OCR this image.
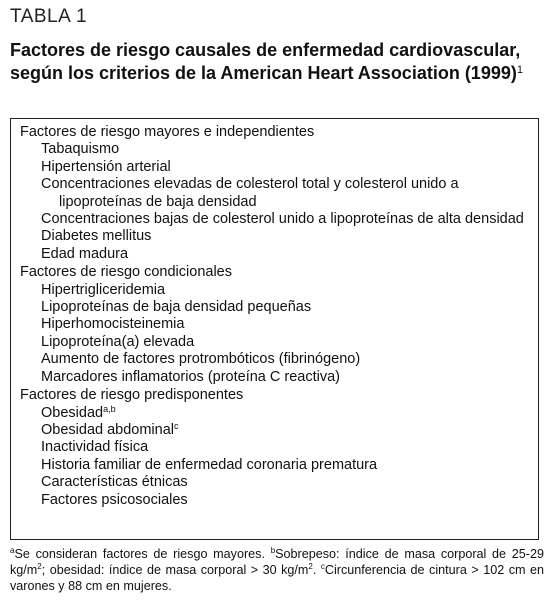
TABLA 1
Factores de riesgo causales de enfermedad cardiovascular, según los criterios de la American Heart Association $(1999)^1$
Factores de riesgo mayores e independientes
Tabaquismo
Hipertensión arterial
Concentraciones elevadas de colesterol total y colesterol unido a lipoproteínas de baja densidad
Concentraciones bajas de colesterol unido a lipoproteínas de alta densidad
Diabetes mellitus
Edad madura
Factores de riesgo condicionales
Hipertrigliceridemia
Lipoproteínas de baja densidad pequeñas
Hiperhomocisteinemia
Lipoproteína(a) elevada
Aumento de factores protrombóticos (fibrinógeno)
Marcadores inflamatorios (proteína C reactiva)
Factores de riesgo predisponentes
Obesidad$^{a,b}$
Obesidad abdominal$^c$
Inactividad física
Historia familiar de enfermedad coronaria prematura
Características étnicas
Factores psicosociales
$^a$Se consideran factores de riesgo mayores. $^b$Sobrepeso: índice de masa corporal de 25-29 $kg/m^2$; obesidad: índice de masa corporal > 30 $kg/m^2$. $^c$Circunferencia de cintura > 102 cm en varones y 88 cm en mujeres.
